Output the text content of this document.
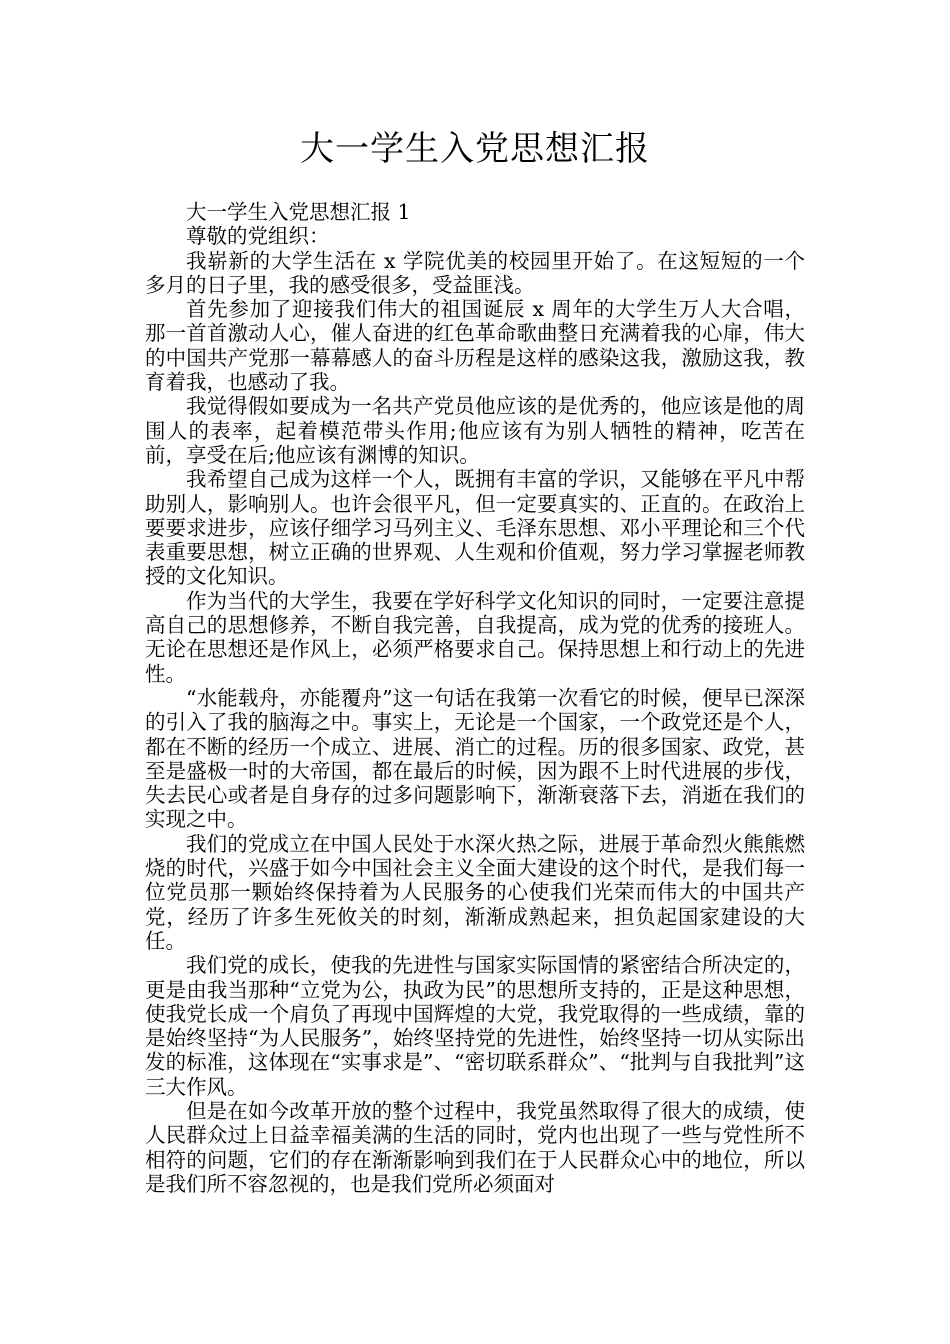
大一学生入党思想汇报

大一学生入党思想汇报 1

尊敬的党组织：

我崭新的大学生活在 x 学院优美的校园里开始了。在这短短的一个多月的日子里，我的感受很多，受益匪浅。

首先参加了迎接我们伟大的祖国诞辰 x 周年的大学生万人大合唱，那一首首激动人心，催人奋进的红色革命歌曲整日充满着我的心扉，伟大的中国共产党那一幕幕感人的奋斗历程是这样的感染这我，激励这我，教育着我，也感动了我。

我觉得假如要成为一名共产党员他应该的是优秀的，他应该是他的周围人的表率，起着模范带头作用;他应该有为别人牺牲的精神，吃苦在前，享受在后;他应该有渊博的知识。

我希望自己成为这样一个人，既拥有丰富的学识，又能够在平凡中帮助别人，影响别人。也许会很平凡，但一定要真实的、正直的。在政治上要要求进步，应该仔细学习马列主义、毛泽东思想、邓小平理论和三个代表重要思想，树立正确的世界观、人生观和价值观，努力学习掌握老师教授的文化知识。

作为当代的大学生，我要在学好科学文化知识的同时，一定要注意提高自己的思想修养，不断自我完善，自我提高，成为党的优秀的接班人。无论在思想还是作风上，必须严格要求自己。保持思想上和行动上的先进性。

“水能载舟，亦能覆舟”这一句话在我第一次看它的时候，便早已深深的引入了我的脑海之中。事实上，无论是一个国家，一个政党还是个人，都在不断的经历一个成立、进展、消亡的过程。历的很多国家、政党，甚至是盛极一时的大帝国，都在最后的时候，因为跟不上时代进展的步伐，失去民心或者是自身存的过多问题影响下，渐渐衰落下去，消逝在我们的实现之中。

我们的党成立在中国人民处于水深火热之际，进展于革命烈火熊熊燃烧的时代，兴盛于如今中国社会主义全面大建设的这个时代，是我们每一位党员那一颗始终保持着为人民服务的心使我们光荣而伟大的中国共产党，经历了许多生死攸关的时刻，渐渐成熟起来，担负起国家建设的大任。

我们党的成长，使我的先进性与国家实际国情的紧密结合所决定的，更是由我当那种“立党为公，执政为民”的思想所支持的，正是这种思想，使我党长成一个肩负了再现中国辉煌的大党，我党取得的一些成绩，靠的是始终坚持“为人民服务”，始终坚持党的先进性，始终坚持一切从实际出发的标准，这体现在“实事求是”、“密切联系群众”、“批判与自我批判”这三大作风。

但是在如今改革开放的整个过程中，我党虽然取得了很大的成绩，使人民群众过上日益幸福美满的生活的同时，党内也出现了一些与党性所不相符的问题，它们的存在渐渐影响到我们在于人民群众心中的地位，所以是我们所不容忽视的，也是我们党所必须面对
